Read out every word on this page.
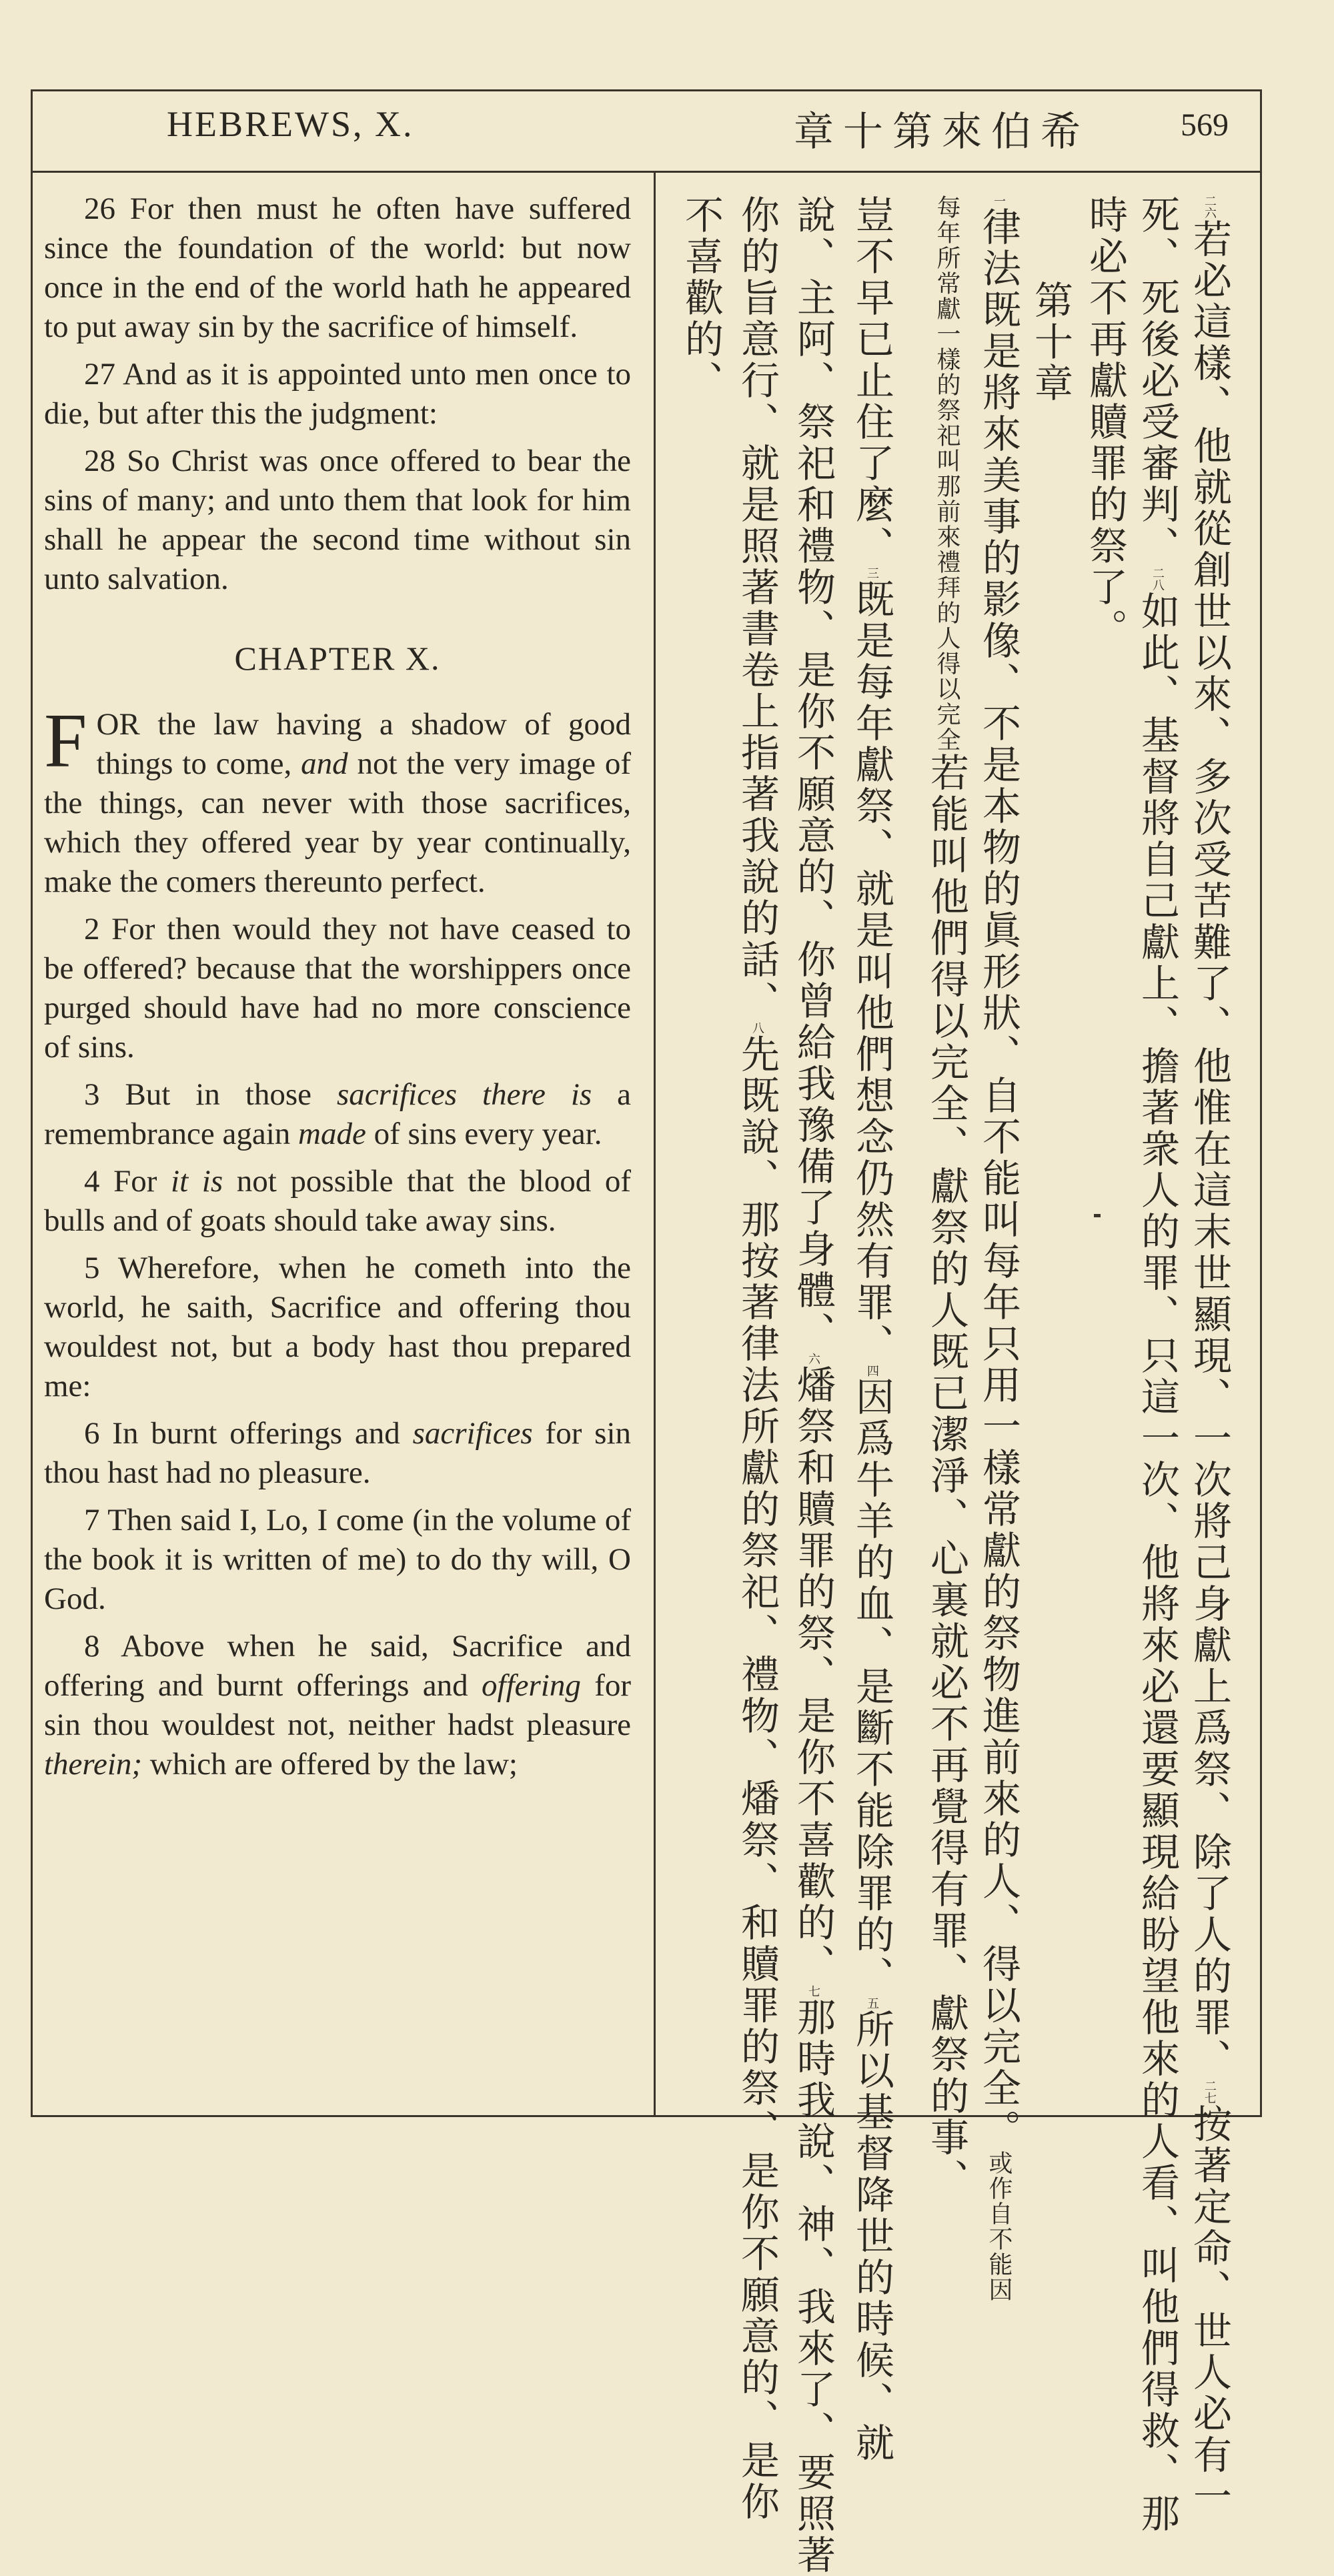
HEBREWS, X.	章十第來伯希	569

26 For then must he often have suffered since the foundation of the world: but now once in the end of the world hath he appeared to put away sin by the sacrifice of himself.

27 And as it is appointed unto men once to die, but after this the judgment:

28 So Christ was once offered to bear the sins of many; and unto them that look for him shall he appear the second time without sin unto salvation.

CHAPTER X.

FOR the law having a shadow of good things to come, and not the very image of the things, can never with those sacrifices, which they offered year by year continually, make the comers thereunto perfect.

2 For then would they not have ceased to be offered? because that the worshippers once purged should have had no more conscience of sins.

3 But in those sacrifices there is a remembrance again made of sins every year.

4 For it is not possible that the blood of bulls and of goats should take away sins.

5 Wherefore, when he cometh into the world, he saith, Sacrifice and offering thou wouldest not, but a body hast thou prepared me:

6 In burnt offerings and sacrifices for sin thou hast had no pleasure.

7 Then said I, Lo, I come (in the volume of the book it is written of me) to do thy will, O God.

8 Above when he said, Sacrifice and offering and burnt offerings and offering for sin thou wouldest not, neither hadst pleasure therein; which are offered by the law;

二六若必這樣、他就從創世以來、多次受苦難了、他惟在這末世顯現、一次將己身獻上爲祭、除了人的罪、二七按著定命、世人必有一
死、死後必受審判、二八如此、基督將自己獻上、擔著衆人的罪、只這一次、他將來必還要顯現給盼望他來的人看、叫他們得救、那
時必不再獻贖罪的祭了。
第十章
一律法既是將來美事的影像、不是本物的眞形狀、自不能叫每年只用一樣常獻的祭物進前來的人、得以完全。或作自不能因
每年所常獻一樣的祭祀叫那前來禮拜的人得以完全若能叫他們得以完全、獻祭的人既已潔淨、心裏就必不再覺得有罪、獻祭的事、
豈不早已止住了麼、三既是每年獻祭、就是叫他們想念仍然有罪、四因爲牛羊的血、是斷不能除罪的、五所以基督降世的時候、就
說、主阿、祭祀和禮物、是你不願意的、你曾給我豫備了身體、六燔祭和贖罪的祭、是你不喜歡的、七那時我說、神、我來了、要照著
你的旨意行、就是照著書卷上指著我說的話、八先既說、那按著律法所獻的祭祀、禮物、燔祭、和贖罪的祭、是你不願意的、是你
不喜歡的、
